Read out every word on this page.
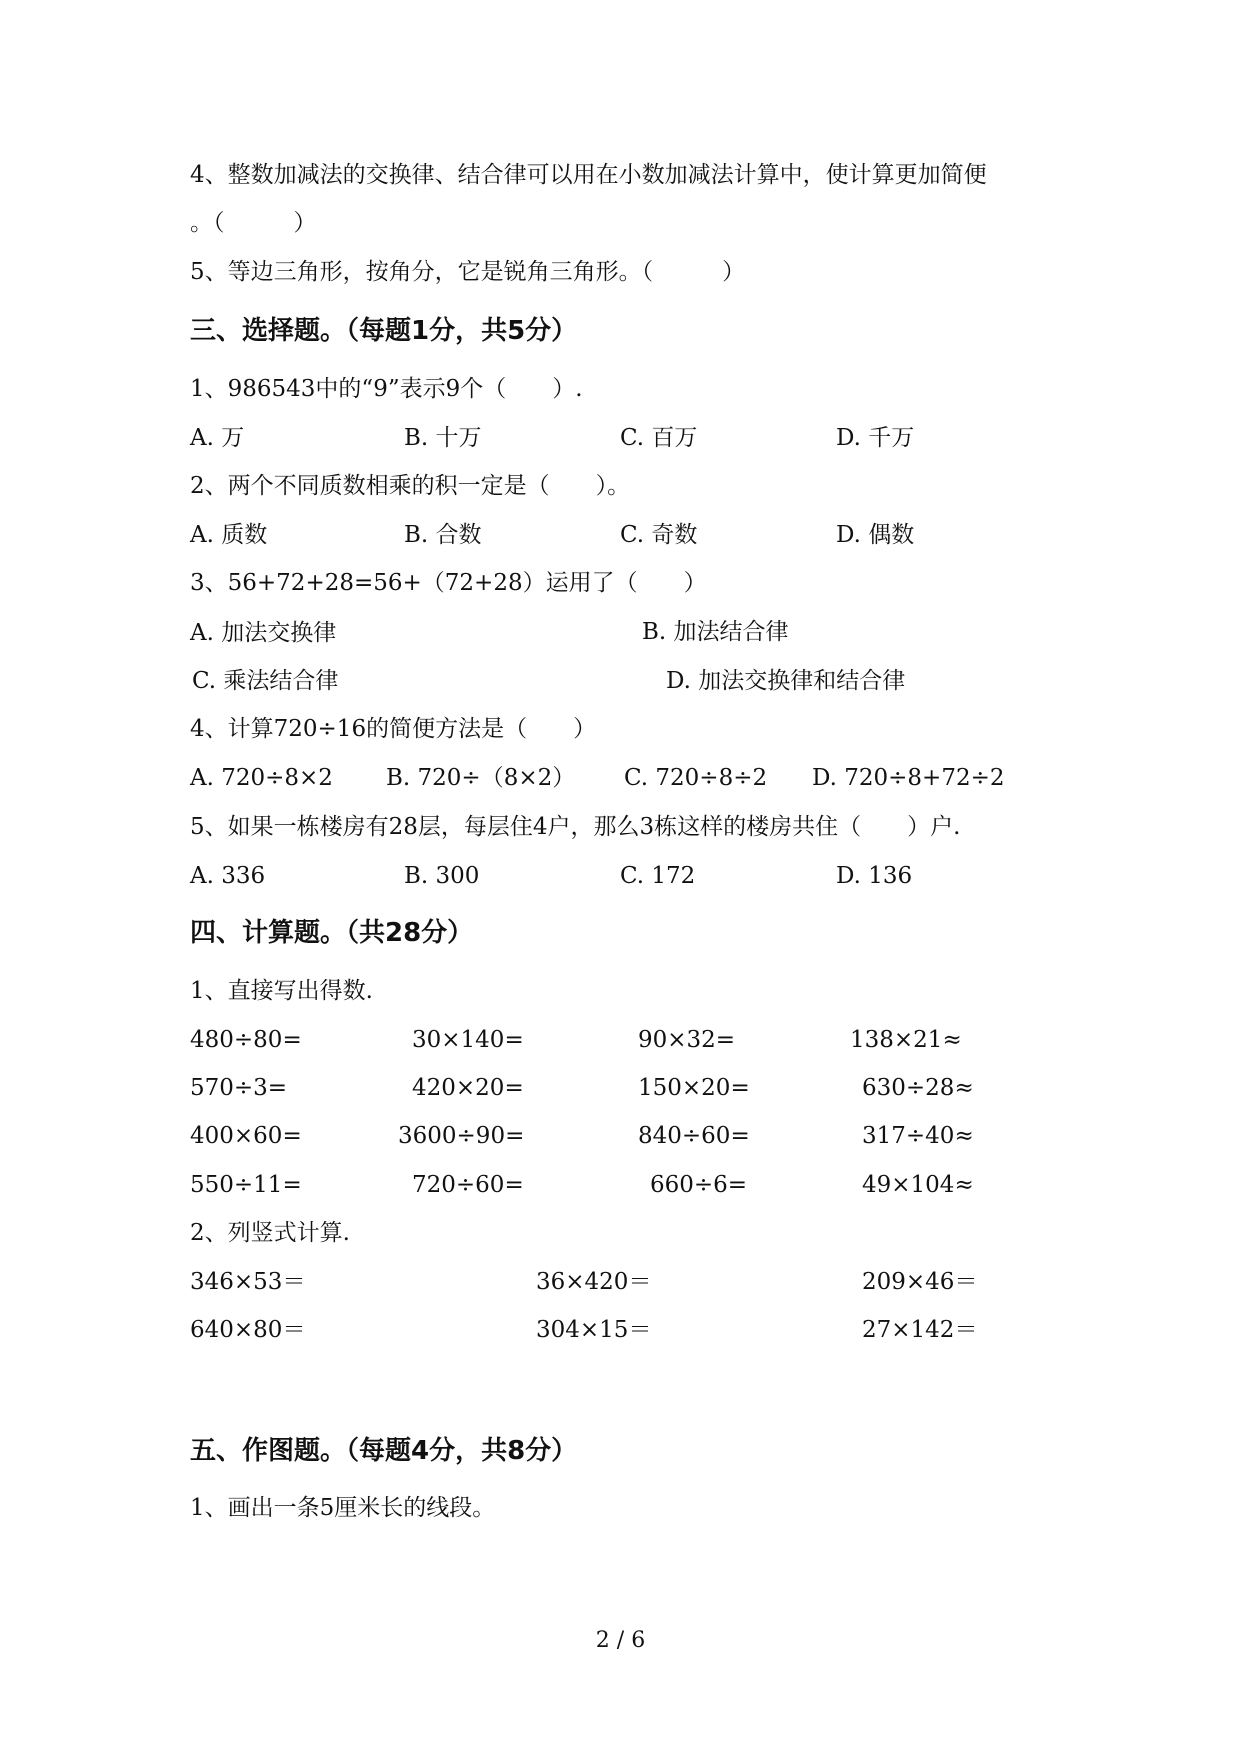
4、整数加减法的交换律、结合律可以用在小数加减法计算中，使计算更加简便
。（　　　）
5、等边三角形，按角分，它是锐角三角形。（　　　）
三、选择题。（每题1分，共5分）
1、986543中的“9”表示9个（　　）.
A. 万	B. 十万	C. 百万	D. 千万
2、两个不同质数相乘的积一定是（　　）。
A. 质数	B. 合数	C. 奇数	D. 偶数
3、56+72+28=56+（72+28）运用了（　　）
A. 加法交换律	B. 加法结合律
C. 乘法结合律	D. 加法交换律和结合律
4、计算720÷16的简便方法是（　　）
A. 720÷8×2 B. 720÷（8×2） C. 720÷8÷2 D. 720÷8+72÷2
5、如果一栋楼房有28层，每层住4户，那么3栋这样的楼房共住（　　）户.
A. 336	B. 300	C. 172	D. 136
四、计算题。（共28分）
1、直接写出得数.
480÷80=	30×140=	90×32=	138×21≈
570÷3=	420×20=	150×20=	630÷28≈
400×60=	3600÷90=	840÷60=	317÷40≈
550÷11=	720÷60=	660÷6=	49×104≈
2、列竖式计算.
346×53＝	36×420＝	209×46＝
640×80＝	304×15＝	27×142＝
五、作图题。（每题4分，共8分）
1、画出一条5厘米长的线段。
2 / 6
